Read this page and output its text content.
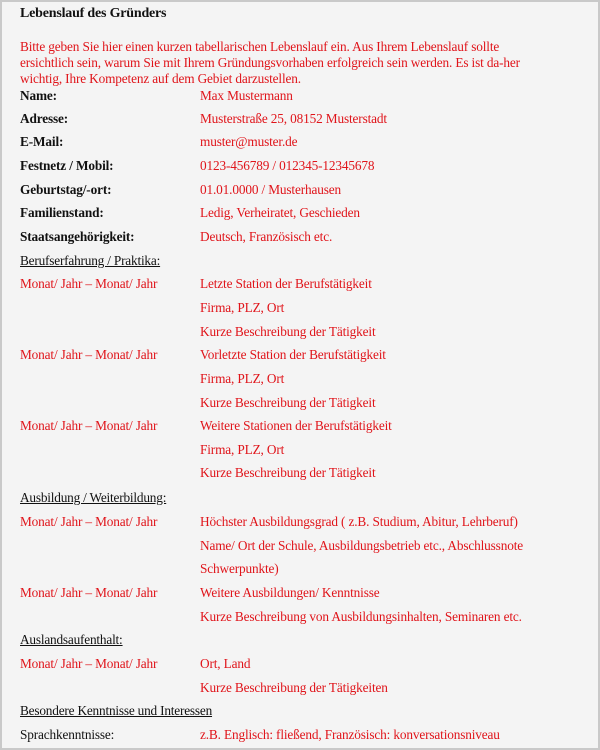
Lebenslauf des Gründers
Bitte geben Sie hier einen kurzen tabellarischen Lebenslauf ein. Aus Ihrem Lebenslauf sollte ersichtlich sein, warum Sie mit Ihrem Gründungsvorhaben erfolgreich sein werden. Es ist da-her wichtig, Ihre Kompetenz auf dem Gebiet darzustellen.
Name:	Max Mustermann
Adresse:	Musterstraße 25, 08152 Musterstadt
E-Mail:	muster@muster.de
Festnetz / Mobil:	0123-456789 / 012345-12345678
Geburtstag/-ort:	01.01.0000 / Musterhausen
Familienstand:	Ledig, Verheiratet, Geschieden
Staatsangehörigkeit:	Deutsch, Französisch etc.
Berufserfahrung / Praktika:
Monat/ Jahr – Monat/ Jahr	Letzte Station der Berufstätigkeit
Firma, PLZ, Ort
Kurze Beschreibung der Tätigkeit
Monat/ Jahr – Monat/ Jahr	Vorletzte Station der Berufstätigkeit
Firma, PLZ, Ort
Kurze Beschreibung der Tätigkeit
Monat/ Jahr – Monat/ Jahr	Weitere Stationen der Berufstätigkeit
Firma, PLZ, Ort
Kurze Beschreibung der Tätigkeit
Ausbildung / Weiterbildung:
Monat/ Jahr – Monat/ Jahr	Höchster Ausbildungsgrad ( z.B. Studium, Abitur, Lehrberuf)
Name/ Ort der Schule, Ausbildungsbetrieb etc., Abschlussnote
Schwerpunkte)
Monat/ Jahr – Monat/ Jahr	Weitere Ausbildungen/ Kenntnisse
Kurze Beschreibung von Ausbildungsinhalten, Seminaren etc.
Auslandsaufenthalt:
Monat/ Jahr – Monat/ Jahr	Ort, Land
Kurze Beschreibung der Tätigkeiten
Besondere Kenntnisse und Interessen
Sprachkenntnisse:	z.B. Englisch: fließend, Französisch: konversationsniveau
